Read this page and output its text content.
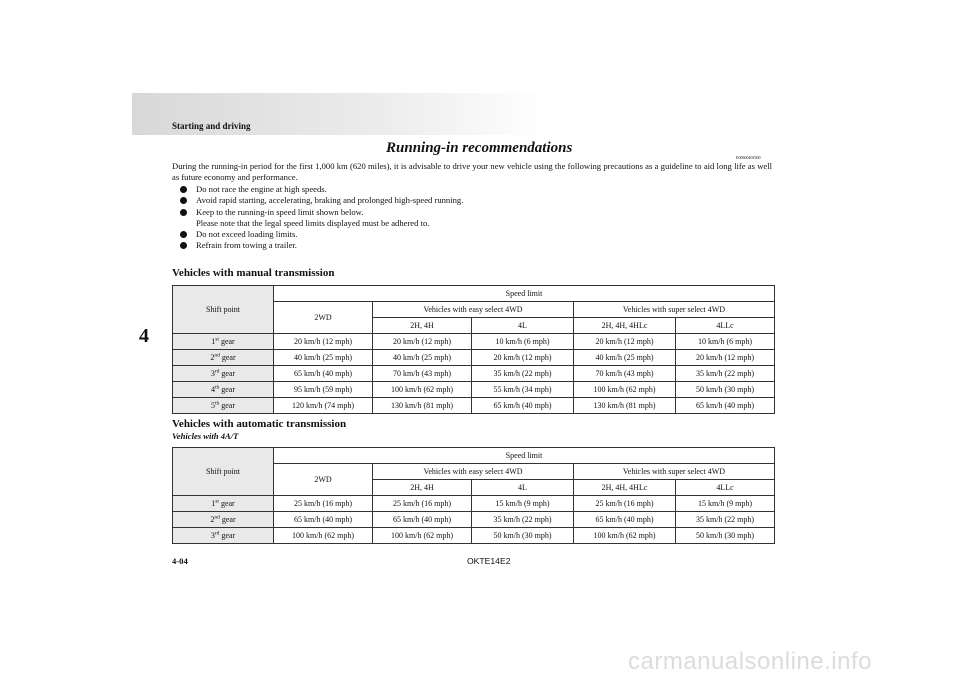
Starting and driving
Running-in recommendations
E00600402500
During the running-in period for the first 1,000 km (620 miles), it is advisable to drive your new vehicle using the following precautions as a guideline to aid long life as well as future economy and performance.
Do not race the engine at high speeds.
Avoid rapid starting, accelerating, braking and prolonged high-speed running.
Keep to the running-in speed limit shown below.
Please note that the legal speed limits displayed must be adhered to.
Do not exceed loading limits.
Refrain from towing a trailer.
4
Vehicles with manual transmission
Shift point	Speed limit				
	2WD	Vehicles with easy select 4WD		Vehicles with super select 4WD	
		2H, 4H	4L	2H, 4H, 4HLc	4LLc
1st gear	20 km/h (12 mph)	20 km/h (12 mph)	10 km/h (6 mph)	20 km/h (12 mph)	10 km/h (6 mph)
2nd gear	40 km/h (25 mph)	40 km/h (25 mph)	20 km/h (12 mph)	40 km/h (25 mph)	20 km/h (12 mph)
3rd gear	65 km/h (40 mph)	70 km/h (43 mph)	35 km/h (22 mph)	70 km/h (43 mph)	35 km/h (22 mph)
4th gear	95 km/h (59 mph)	100 km/h (62 mph)	55 km/h (34 mph)	100 km/h (62 mph)	50 km/h (30 mph)
5th gear	120 km/h (74 mph)	130 km/h (81 mph)	65 km/h (40 mph)	130 km/h (81 mph)	65 km/h (40 mph)
Vehicles with automatic transmission
Vehicles with 4A/T
Shift point	Speed limit				
	2WD	Vehicles with easy select 4WD		Vehicles with super select 4WD	
		2H, 4H	4L	2H, 4H, 4HLc	4LLc
1st gear	25 km/h (16 mph)	25 km/h (16 mph)	15 km/h (9 mph)	25 km/h (16 mph)	15 km/h (9 mph)
2nd gear	65 km/h (40 mph)	65 km/h (40 mph)	35 km/h (22 mph)	65 km/h (40 mph)	35 km/h (22 mph)
3rd gear	100 km/h (62 mph)	100 km/h (62 mph)	50 km/h (30 mph)	100 km/h (62 mph)	50 km/h (30 mph)
4-04	OKTE14E2
carmanualsonline.info
